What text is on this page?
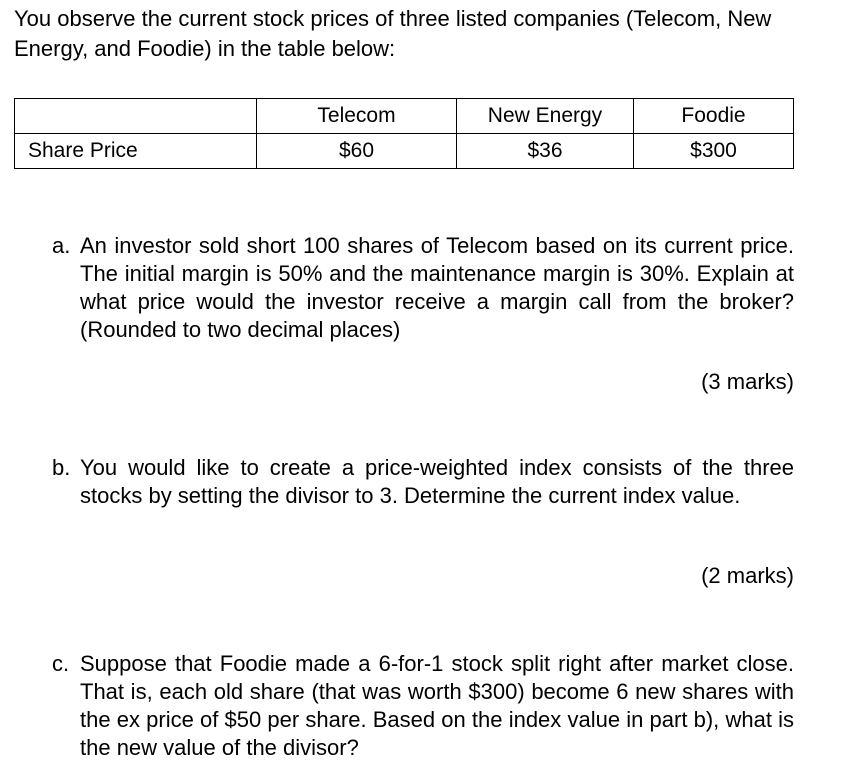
You observe the current stock prices of three listed companies (Telecom, New Energy, and Foodie) in the table below:
	Telecom	New Energy	Foodie
Share Price	$60	$36	$300
a. An investor sold short 100 shares of Telecom based on its current price. The initial margin is 50% and the maintenance margin is 30%. Explain at what price would the investor receive a margin call from the broker? (Rounded to two decimal places)
(3 marks)
b. You would like to create a price-weighted index consists of the three stocks by setting the divisor to 3. Determine the current index value.
(2 marks)
c. Suppose that Foodie made a 6-for-1 stock split right after market close. That is, each old share (that was worth $300) become 6 new shares with the ex price of $50 per share. Based on the index value in part b), what is the new value of the divisor?
